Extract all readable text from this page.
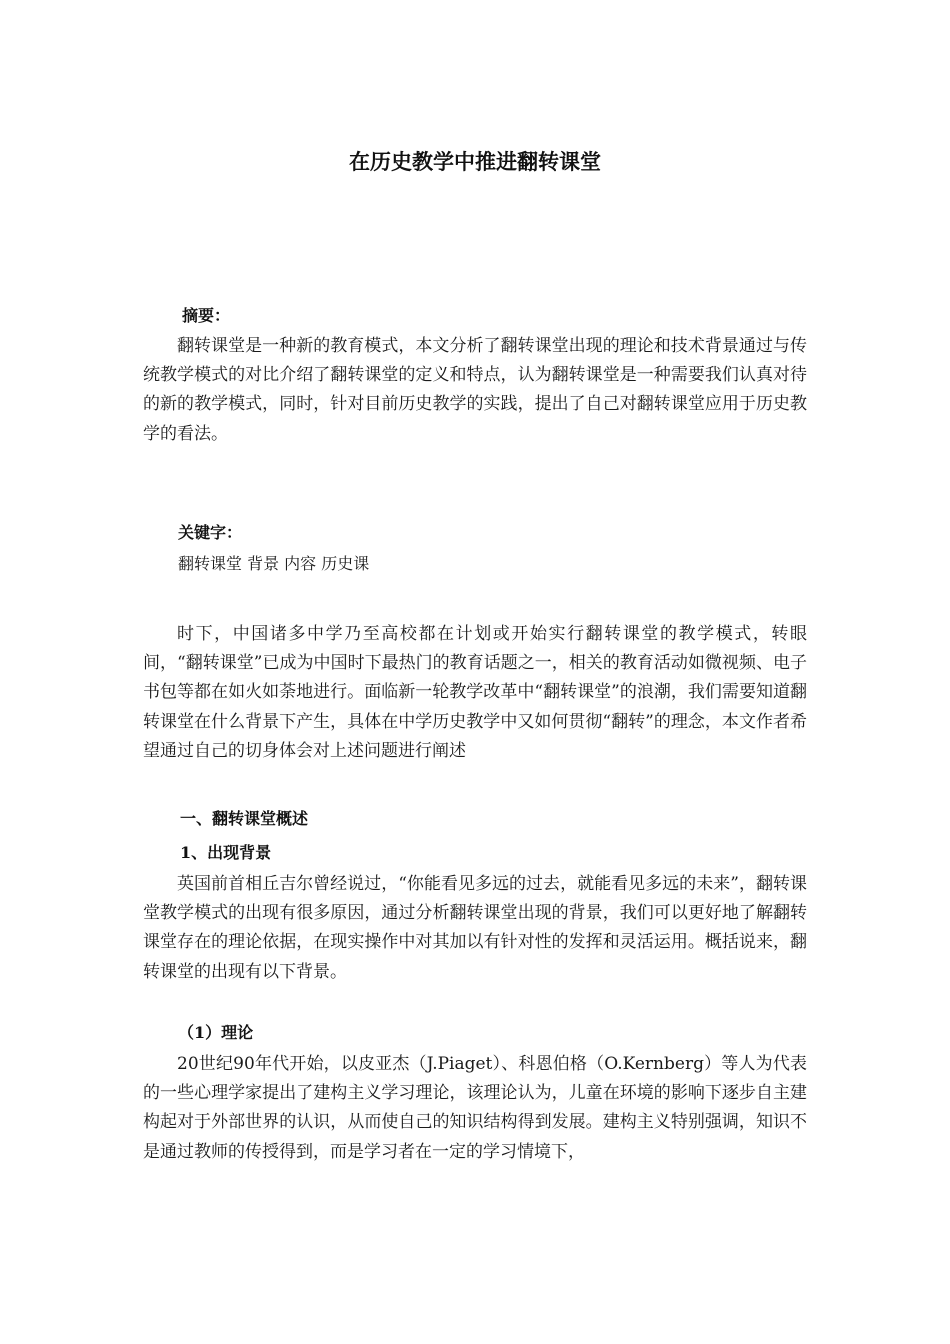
在历史教学中推进翻转课堂

摘要：

翻转课堂是一种新的教育模式，本文分析了翻转课堂出现的理论和技术背景通过与传统教学模式的对比介绍了翻转课堂的定义和特点，认为翻转课堂是一种需要我们认真对待的新的教学模式，同时，针对目前历史教学的实践，提出了自己对翻转课堂应用于历史教学的看法。

关键字：

翻转课堂 背景 内容 历史课

时下，中国诸多中学乃至高校都在计划或开始实行翻转课堂的教学模式，转眼间，“翻转课堂”已成为中国时下最热门的教育话题之一，相关的教育活动如微视频、电子书包等都在如火如荼地进行。面临新一轮教学改革中“翻转课堂”的浪潮，我们需要知道翻转课堂在什么背景下产生，具体在中学历史教学中又如何贯彻“翻转”的理念，本文作者希望通过自己的切身体会对上述问题进行阐述

一、翻转课堂概述

1、出现背景

英国前首相丘吉尔曾经说过，“你能看见多远的过去，就能看见多远的未来”，翻转课堂教学模式的出现有很多原因，通过分析翻转课堂出现的背景，我们可以更好地了解翻转课堂存在的理论依据，在现实操作中对其加以有针对性的发挥和灵活运用。概括说来，翻转课堂的出现有以下背景。

（1）理论

20世纪90年代开始，以皮亚杰（J.Piaget）、科恩伯格（O.Kernberg）等人为代表的一些心理学家提出了建构主义学习理论，该理论认为，儿童在环境的影响下逐步自主建构起对于外部世界的认识，从而使自己的知识结构得到发展。建构主义特别强调，知识不是通过教师的传授得到，而是学习者在一定的学习情境下，
